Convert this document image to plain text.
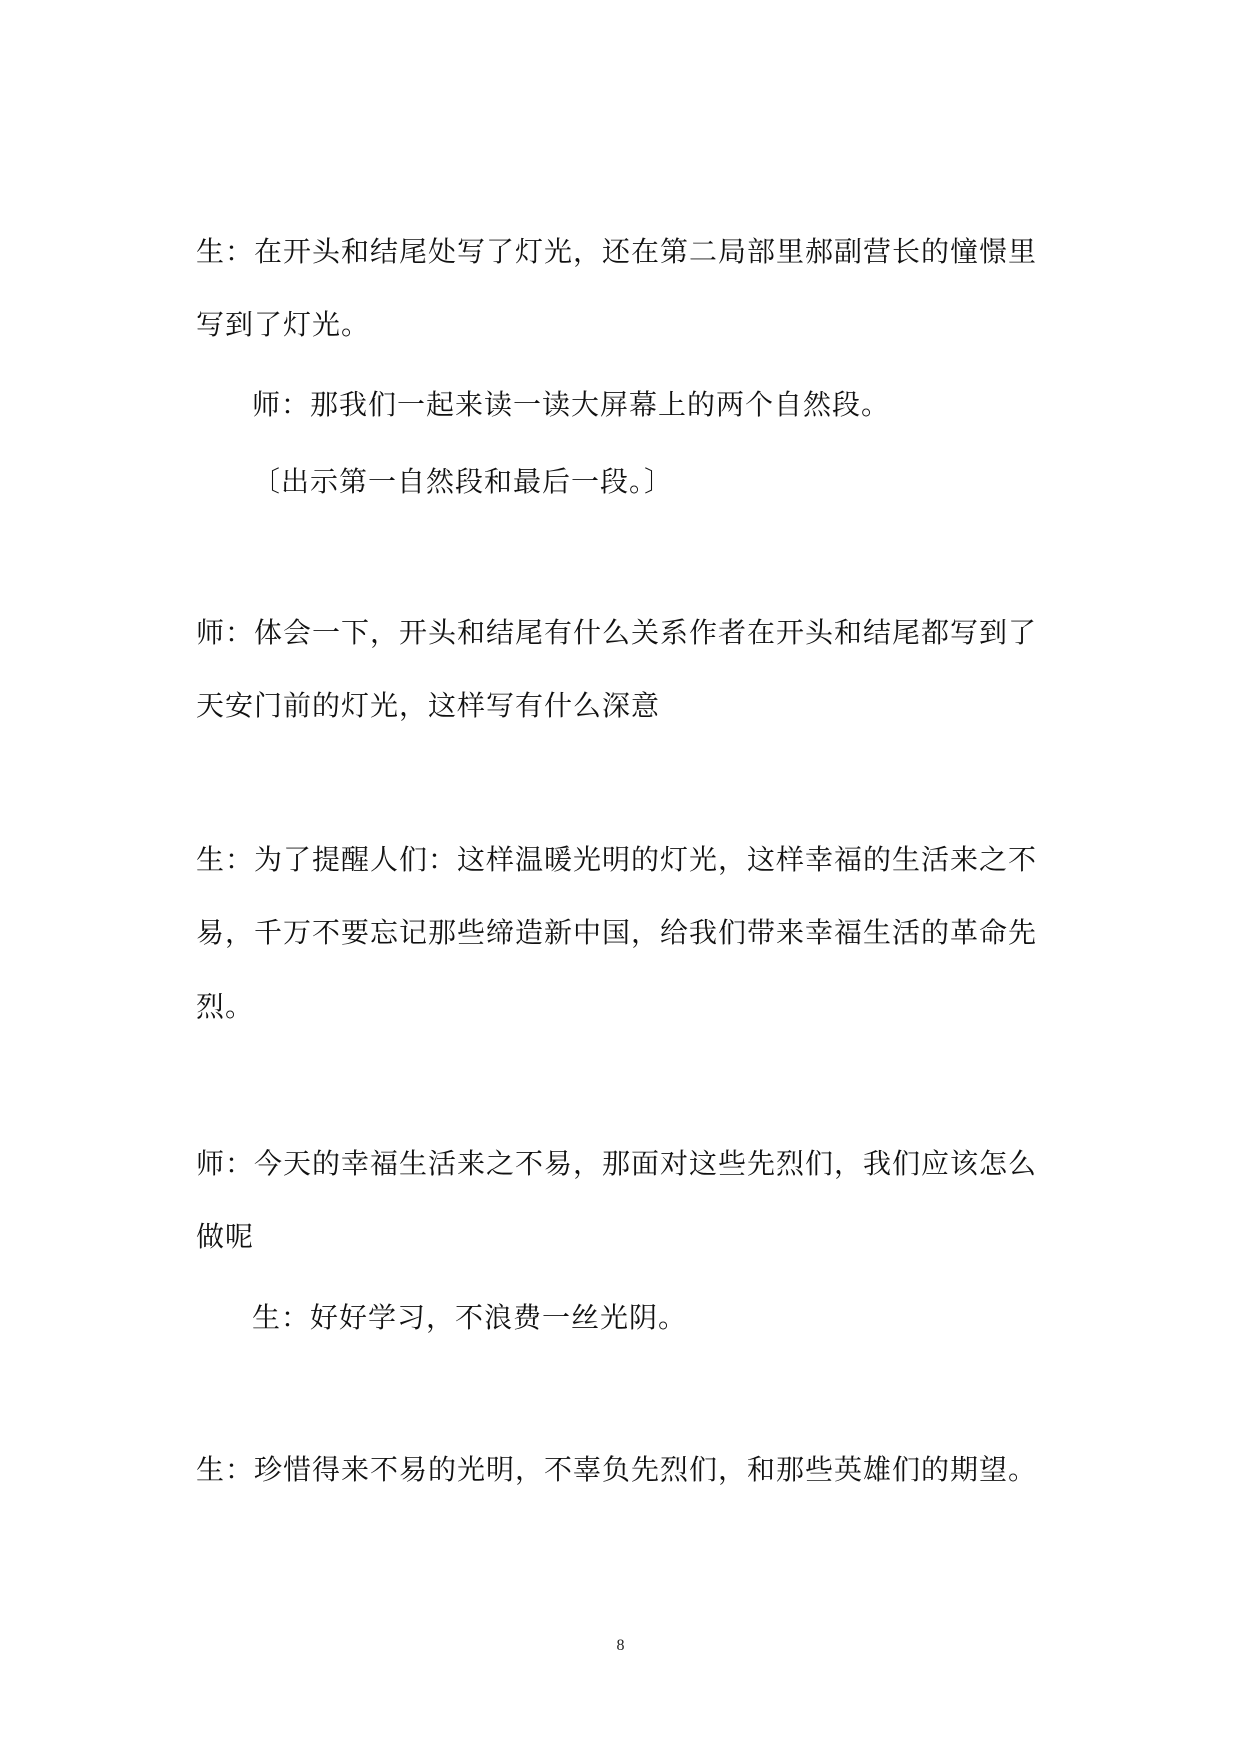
生：在开头和结尾处写了灯光，还在第二局部里郝副营长的憧憬里

写到了灯光。

师：那我们一起来读一读大屏幕上的两个自然段。

〔出示第一自然段和最后一段。〕

师：体会一下，开头和结尾有什么关系作者在开头和结尾都写到了

天安门前的灯光，这样写有什么深意

生：为了提醒人们：这样温暖光明的灯光，这样幸福的生活来之不

易，千万不要忘记那些缔造新中国，给我们带来幸福生活的革命先

烈。

师：今天的幸福生活来之不易，那面对这些先烈们，我们应该怎么

做呢

生：好好学习，不浪费一丝光阴。

生：珍惜得来不易的光明，不辜负先烈们，和那些英雄们的期望。

8
